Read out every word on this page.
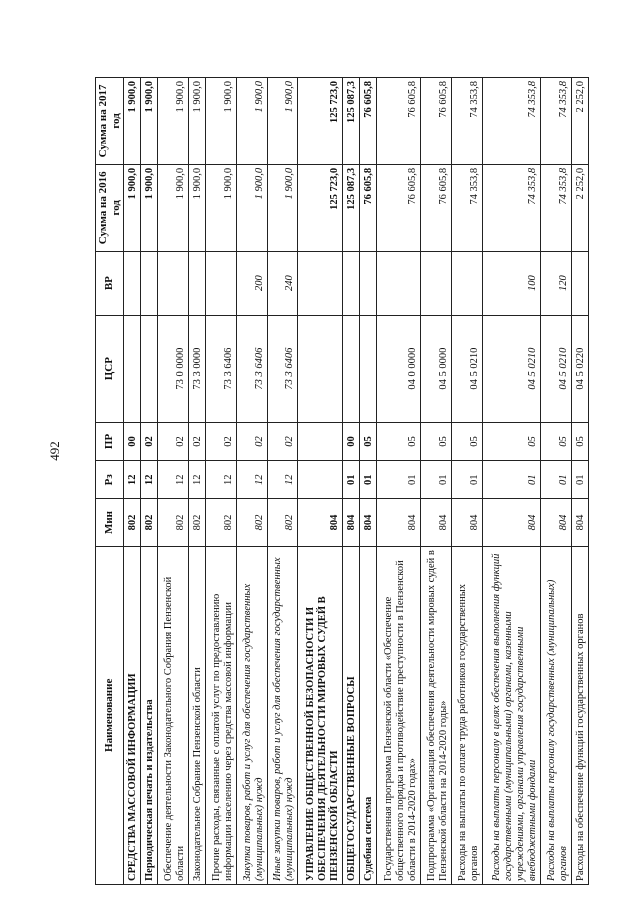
492
Наименование	Мин	Рз	ПР	ЦСР	ВР	Сумма на 2016 год	Сумма на 2017 год
СРЕДСТВА МАССОВОЙ ИНФОРМАЦИИ	802	12	00			1 900,0	1 900,0
Периодическая печать и издательства	802	12	02			1 900,0	1 900,0
Обеспечение деятельности Законодательного Собрания Пензенской области	802	12	02	73 0 0000		1 900,0	1 900,0
Законодательное Собрание Пензенской области	802	12	02	73 3 0000		1 900,0	1 900,0
Прочие расходы, связанные с оплатой услуг по предоставлению информации населению через средства массовой информации	802	12	02	73 3 6406		1 900,0	1 900,0
Закупка товаров, работ и услуг для обеспечения государственных (муниципальных) нужд	802	12	02	73 3 6406	200	1 900,0	1 900,0
Иные закупки товаров, работ и услуг для обеспечения государственных (муниципальных) нужд	802	12	02	73 3 6406	240	1 900,0	1 900,0
УПРАВЛЕНИЕ ОБЩЕСТВЕННОЙ БЕЗОПАСНОСТИ И ОБЕСПЕЧЕНИЯ ДЕЯТЕЛЬНОСТИ МИРОВЫХ СУДЕЙ В ПЕНЗЕНСКОЙ ОБЛАСТИ	804					125 723,0	125 723,0
ОБЩЕГОСУДАРСТВЕННЫЕ ВОПРОСЫ	804	01	00			125 087,3	125 087,3
Судебная система	804	01	05			76 605,8	76 605,8
Государственная программа Пензенской области «Обеспечение общественного порядка и противодействие преступности в Пензенской области в 2014-2020 годах»	804	01	05	04 0 0000		76 605,8	76 605,8
Подпрограмма «Организация обеспечения деятельности мировых судей в Пензенской области на 2014-2020 годы»	804	01	05	04 5 0000		76 605,8	76 605,8
Расходы на выплаты по оплате труда работников государственных органов	804	01	05	04 5 0210		74 353,8	74 353,8
Расходы на выплаты персоналу в целях обеспечения выполнения функций государственными (муниципальными) органами, казенными учреждениями, органами управления государственными внебюджетными фондами	804	01	05	04 5 0210	100	74 353,8	74 353,8
Расходы на выплаты персоналу государственных (муниципальных) органов	804	01	05	04 5 0210	120	74 353,8	74 353,8
Расходы на обеспечение функций государственных органов	804	01	05	04 5 0220		2 252,0	2 252,0
